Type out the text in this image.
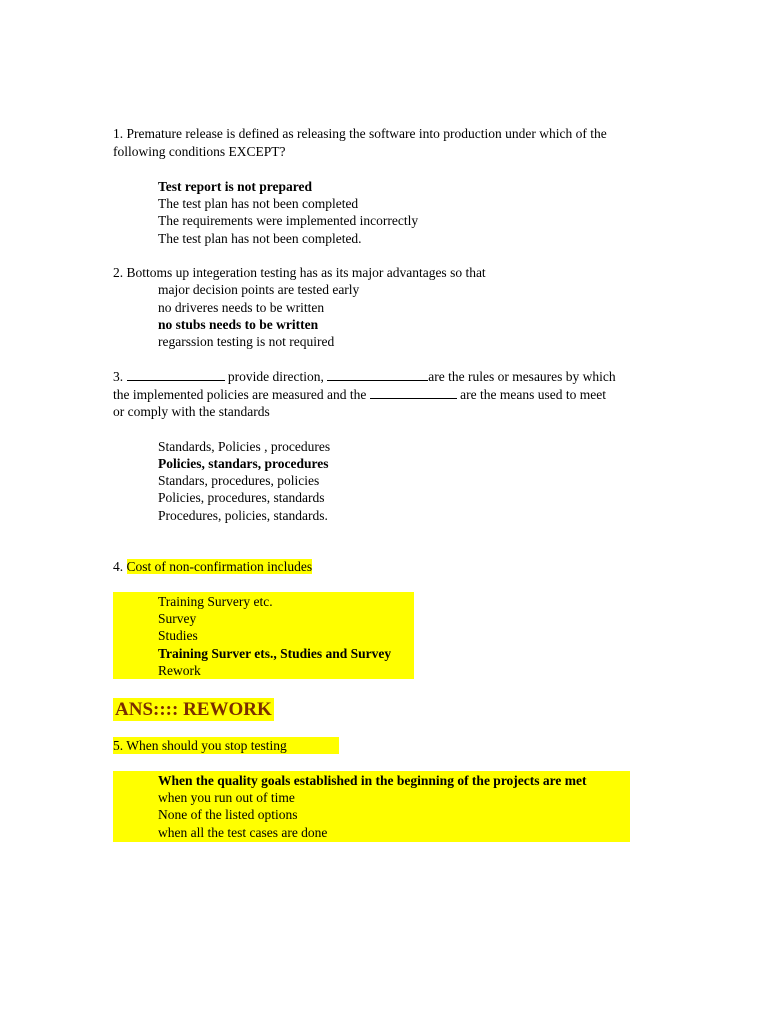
1. Premature release is defined as releasing the software into production under which of the
following conditions EXCEPT?
Test report is not prepared
The test plan has not been completed
The requirements were implemented incorrectly
The test plan has not been completed.
2. Bottoms up integeration testing has as its major advantages so that
major decision points are tested early
no driveres needs to be written
no stubs needs to be written
regarssion testing is not required
3.	provide direction,	are the rules or mesaures by which
the implemented policies are measured and the	are the means used to meet
or comply with the standards
Standards, Policies , procedures
Policies, standars, procedures
Standars, procedures, policies
Policies, procedures, standards
Procedures, policies, standards.
4. Cost of non-confirmation includes
Training Survery etc.
Survey
Studies
Training Surver ets., Studies and Survey
Rework
ANS:::: REWORK
5. When should you stop testing
When the quality goals established in the beginning of the projects are met
when you run out of time
None of the listed options
when all the test cases are done
